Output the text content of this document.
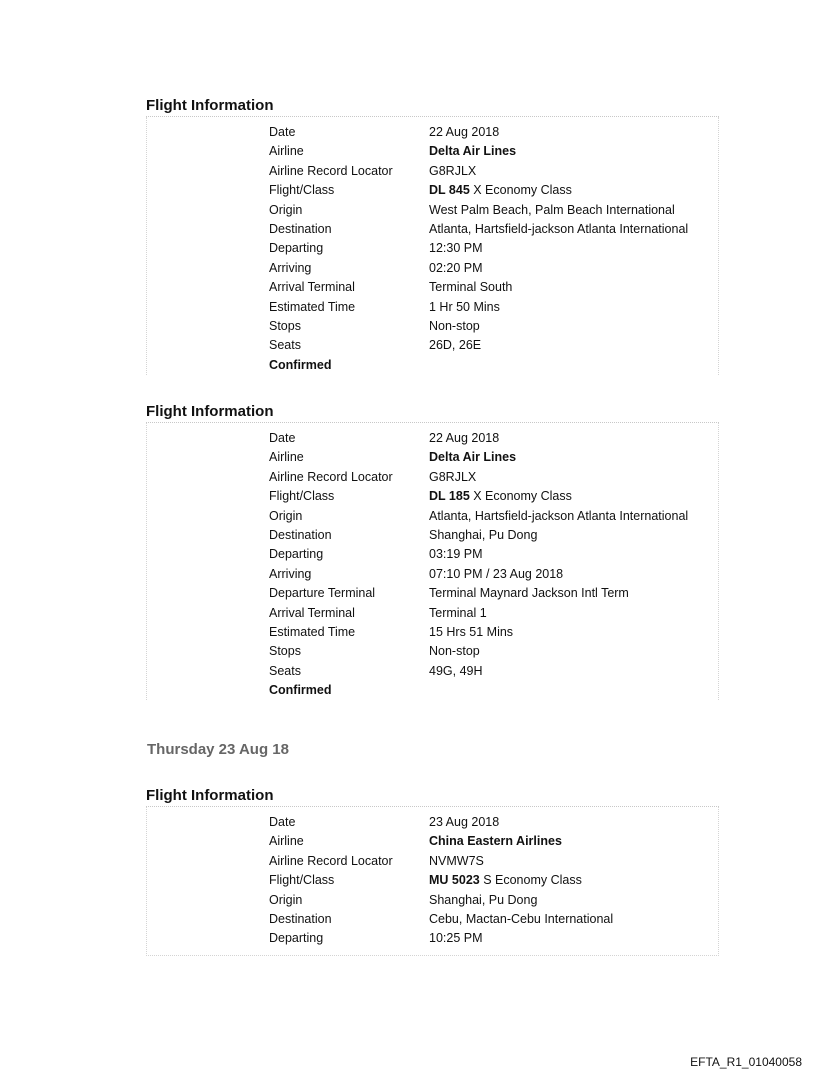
Flight Information
Date	22 Aug 2018
Airline	Delta Air Lines
Airline Record Locator	G8RJLX
Flight/Class	DL 845 X Economy Class
Origin	West Palm Beach, Palm Beach International
Destination	Atlanta, Hartsfield-jackson Atlanta International
Departing	12:30 PM
Arriving	02:20 PM
Arrival Terminal	Terminal South
Estimated Time	1 Hr 50 Mins
Stops	Non-stop
Seats	26D, 26E
Confirmed
Flight Information
Date	22 Aug 2018
Airline	Delta Air Lines
Airline Record Locator	G8RJLX
Flight/Class	DL 185 X Economy Class
Origin	Atlanta, Hartsfield-jackson Atlanta International
Destination	Shanghai, Pu Dong
Departing	03:19 PM
Arriving	07:10 PM / 23 Aug 2018
Departure Terminal	Terminal Maynard Jackson Intl Term
Arrival Terminal	Terminal 1
Estimated Time	15 Hrs 51 Mins
Stops	Non-stop
Seats	49G, 49H
Confirmed
Thursday 23 Aug 18
Flight Information
Date	23 Aug 2018
Airline	China Eastern Airlines
Airline Record Locator	NVMW7S
Flight/Class	MU 5023 S Economy Class
Origin	Shanghai, Pu Dong
Destination	Cebu, Mactan-Cebu International
Departing	10:25 PM
EFTA_R1_01040058
